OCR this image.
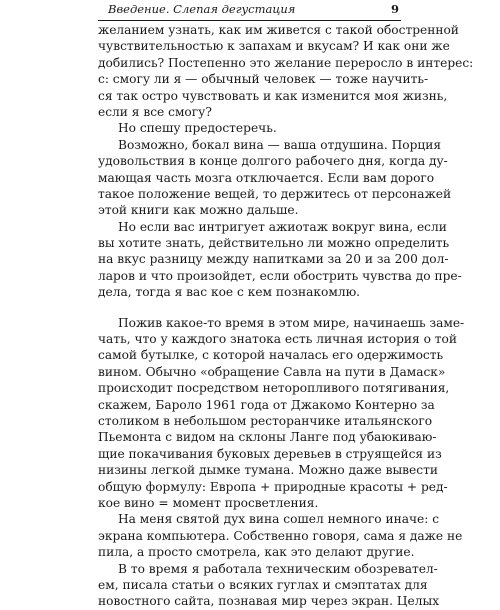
Введение. Слепая дегустация	9
желанием узнать, как им живется с такой обостренной
чувствительностью к запахам и вкусам? И как они же
добились? Постепенно это желание переросло в интерес:
с: смогу ли я — обычный человек — тоже научить-
ся так остро чувствовать и как изменится моя жизнь,
если я все смогу?
Но спешу предостеречь.
Возможно, бокал вина — ваша отдушина. Порция
удовольствия в конце долгого рабочего дня, когда ду-
мающая часть мозга отключается. Если вам дорого
такое положение вещей, то держитесь от персонажей
этой книги как можно дальше.
Но если вас интригует ажиотаж вокруг вина, если
вы хотите знать, действительно ли можно определить
на вкус разницу между напитками за 20 и за 200 дол-
ларов и что произойдет, если обострить чувства до пре-
дела, тогда я вас кое с кем познакомлю.
Пожив какое-то время в этом мире, начинаешь заме-
чать, что у каждого знатока есть личная история о той
самой бутылке, с которой началась его одержимость
вином. Обычно «обращение Савла на пути в Дамаск»
происходит посредством неторопливого потягивания,
скажем, Бароло 1961 года от Джакомо Контерно за
столиком в небольшом ресторанчике итальянского
Пьемонта с видом на склоны Ланге под убаюкиваю-
щие покачивания буковых деревьев в струящейся из
низины легкой дымке тумана. Можно даже вывести
общую формулу: Европа + природные красоты + ред-
кое вино = момент просветления.
На меня святой дух вина сошел немного иначе: с
экрана компьютера. Собственно говоря, сама я даже не
пила, а просто смотрела, как это делают другие.
В то время я работала техническим обозревател-
ем, писала статьи о всяких гуглах и смэптатах для
новостного сайта, познавая мир через экран. Целых
